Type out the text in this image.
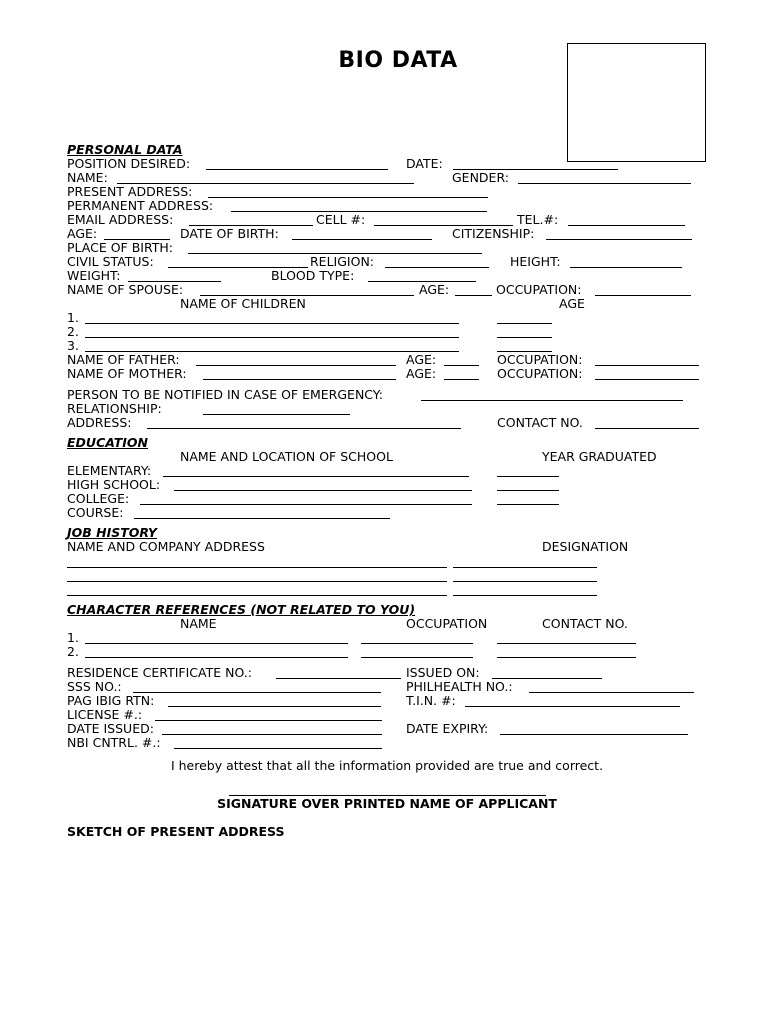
BIO DATA
PERSONAL DATA
POSITION DESIRED:	DATE:
NAME:	GENDER:
PRESENT ADDRESS:
PERMANENT ADDRESS:
EMAIL ADDRESS:	CELL #:	TEL.#:
AGE:	DATE OF BIRTH:	CITIZENSHIP:
PLACE OF BIRTH:
CIVIL STATUS:	RELIGION:	HEIGHT:
WEIGHT:	BLOOD TYPE:
NAME OF SPOUSE:	AGE:	OCCUPATION:
NAME OF CHILDREN	AGE
1.
2.
3.
NAME OF FATHER:	AGE:	OCCUPATION:
NAME OF MOTHER:	AGE:	OCCUPATION:
PERSON TO BE NOTIFIED IN CASE OF EMERGENCY:
RELATIONSHIP:
ADDRESS:	CONTACT NO.
EDUCATION
NAME AND LOCATION OF SCHOOL	YEAR GRADUATED
ELEMENTARY:
HIGH SCHOOL:
COLLEGE:
COURSE:
JOB HISTORY
NAME AND COMPANY ADDRESS	DESIGNATION
CHARACTER REFERENCES (NOT RELATED TO YOU)
NAME	OCCUPATION	CONTACT NO.
1.
2.
RESIDENCE CERTIFICATE NO.:	ISSUED ON:
SSS NO.:	PHILHEALTH NO.:
PAG IBIG RTN:	T.I.N. #:
LICENSE #.:
DATE ISSUED:	DATE EXPIRY:
NBI CNTRL. #.:
I hereby attest that all the information provided are true and correct.
SIGNATURE OVER PRINTED NAME OF APPLICANT
SKETCH OF PRESENT ADDRESS
